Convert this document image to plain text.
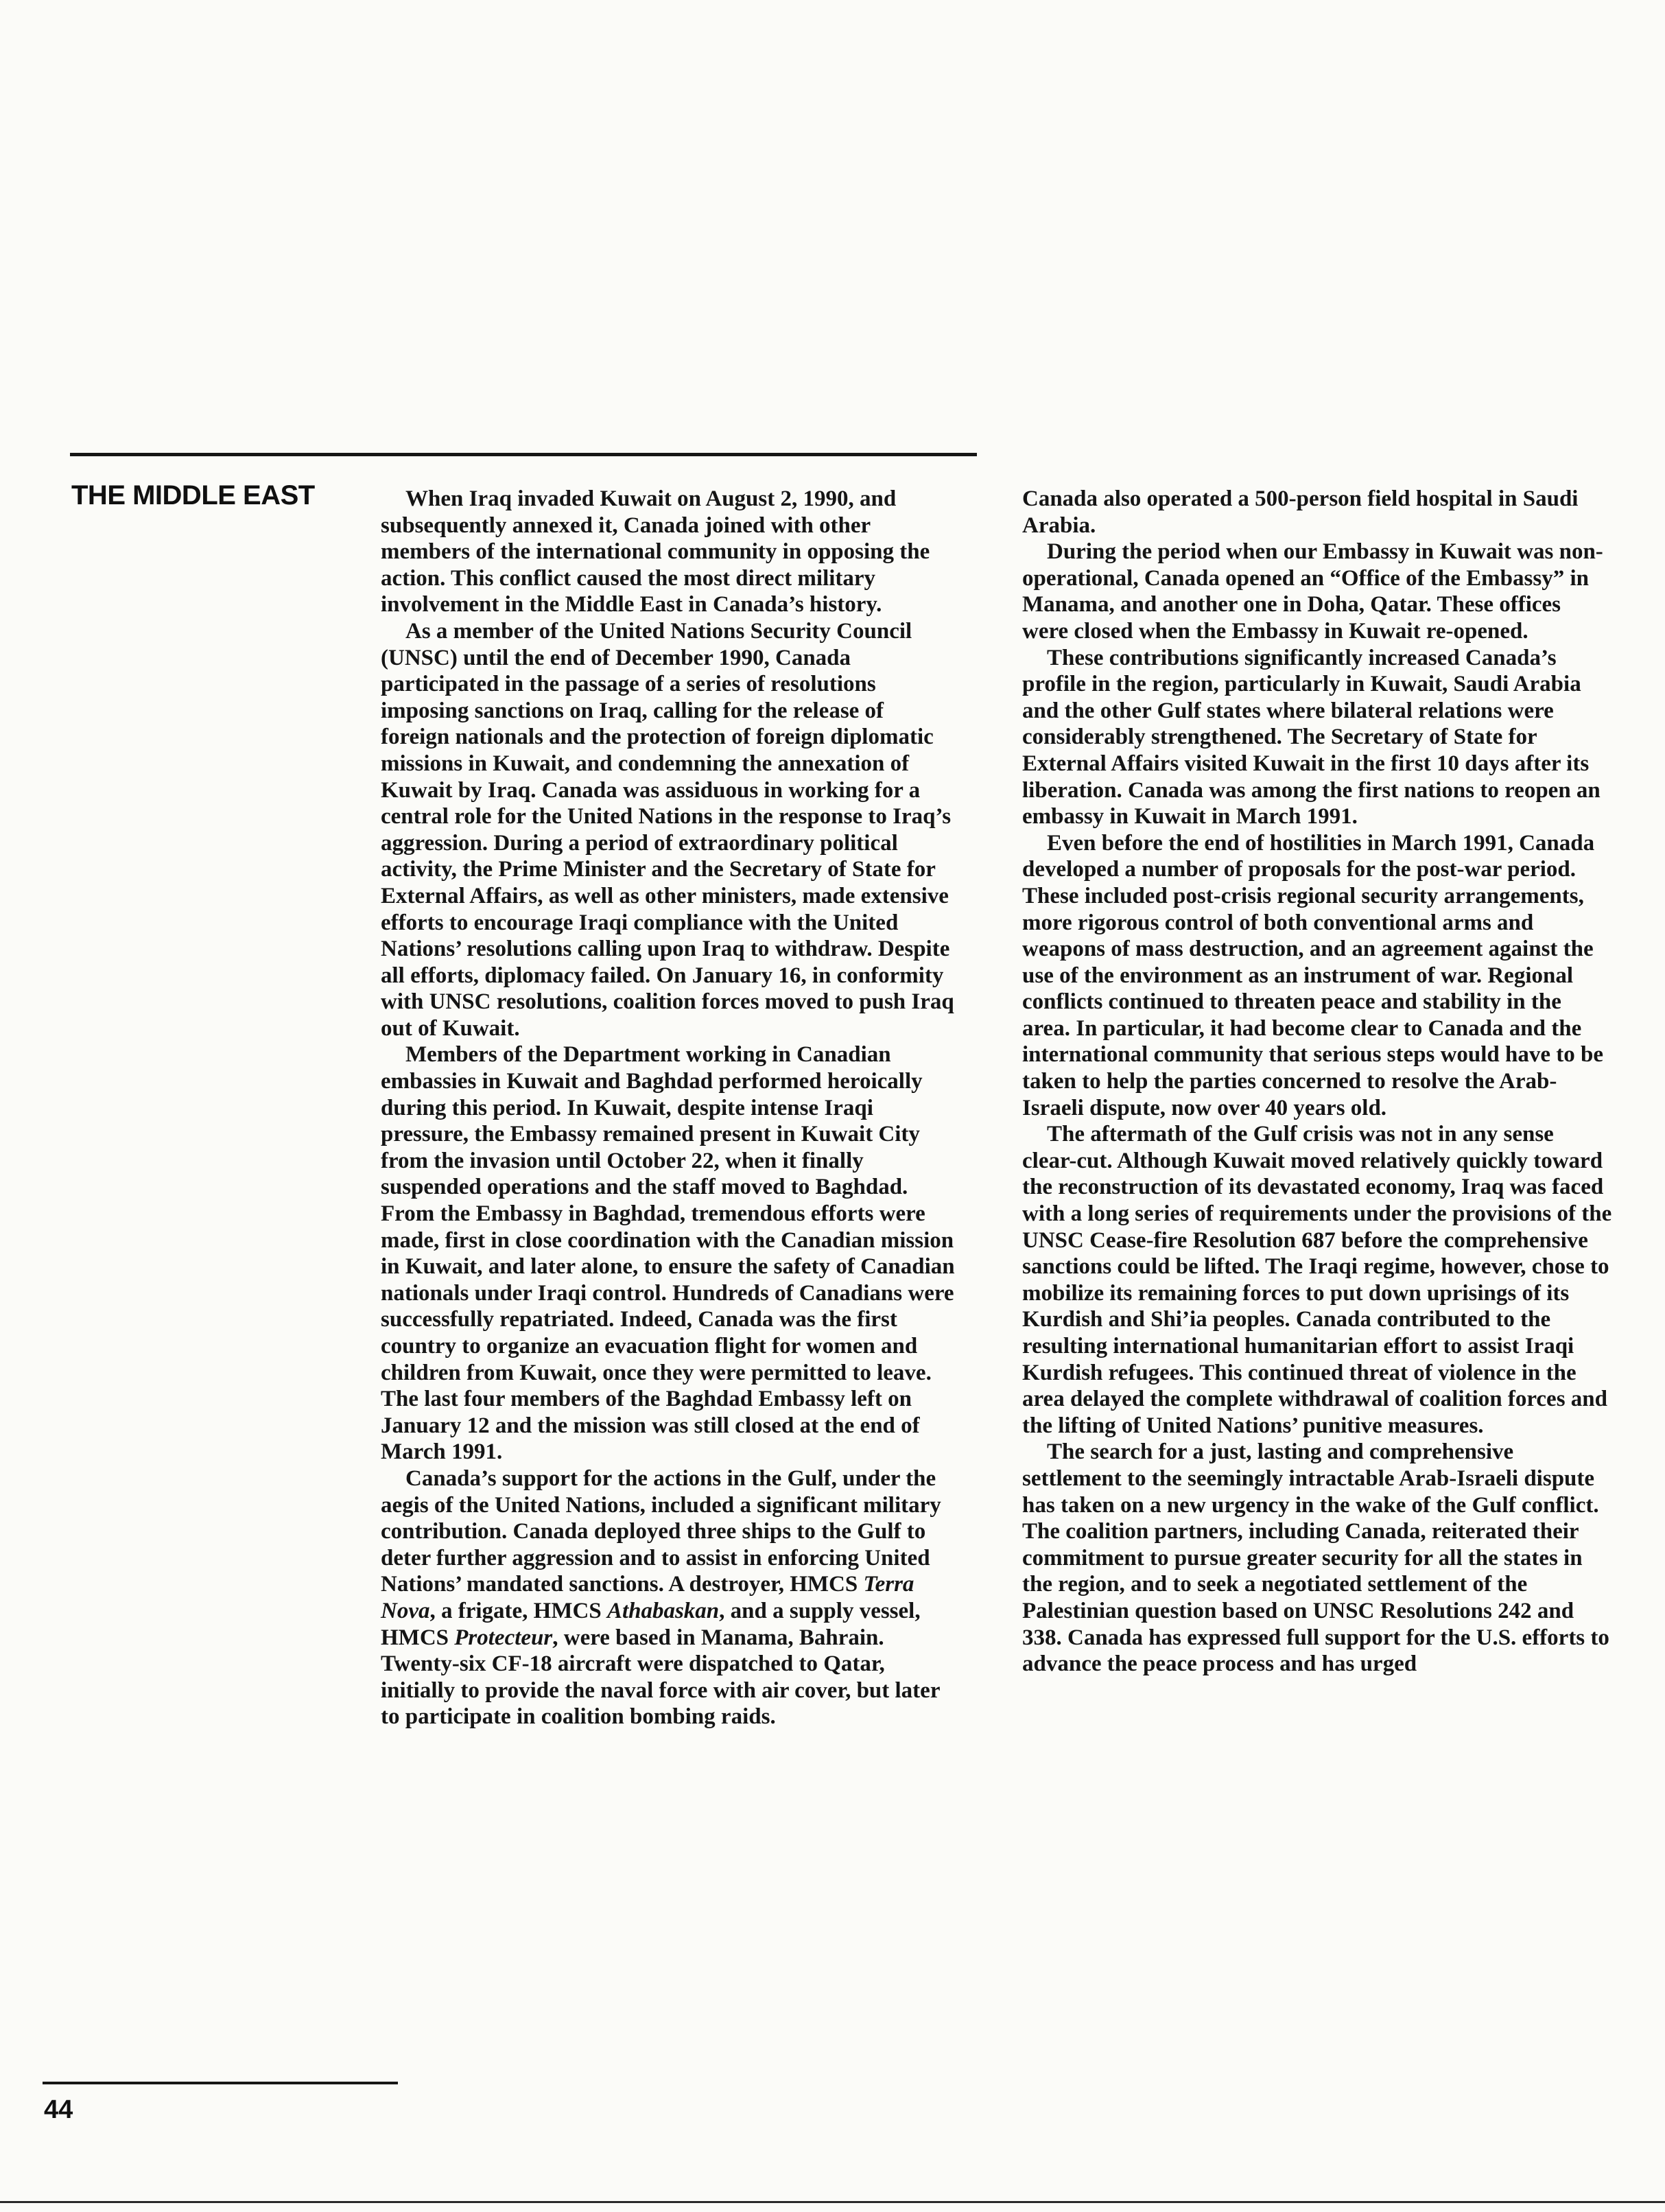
THE MIDDLE EAST	When Iraq invaded Kuwait on August 2, 1990, and subsequently annexed it, Canada joined with other members of the international community in opposing the action. This conflict caused the most direct military involvement in the Middle East in Canada’s history.

As a member of the United Nations Security Council (UNSC) until the end of December 1990, Canada participated in the passage of a series of resolutions imposing sanctions on Iraq, calling for the release of foreign nationals and the protection of foreign diplomatic missions in Kuwait, and condemning the annexation of Kuwait by Iraq. Canada was assiduous in working for a central role for the United Nations in the response to Iraq’s aggression. During a period of extraordinary political activity, the Prime Minister and the Secretary of State for External Affairs, as well as other ministers, made extensive efforts to encourage Iraqi compliance with the United Nations’ resolutions calling upon Iraq to withdraw. Despite all efforts, diplomacy failed. On January 16, in conformity with UNSC resolutions, coalition forces moved to push Iraq out of Kuwait.

Members of the Department working in Canadian embassies in Kuwait and Baghdad performed heroically during this period. In Kuwait, despite intense Iraqi pressure, the Embassy remained present in Kuwait City from the invasion until October 22, when it finally suspended operations and the staff moved to Baghdad. From the Embassy in Baghdad, tremendous efforts were made, first in close coordination with the Canadian mission in Kuwait, and later alone, to ensure the safety of Canadian nationals under Iraqi control. Hundreds of Canadians were successfully repatriated. Indeed, Canada was the first country to organize an evacuation flight for women and children from Kuwait, once they were permitted to leave. The last four members of the Baghdad Embassy left on January 12 and the mission was still closed at the end of March 1991.

Canada’s support for the actions in the Gulf, under the aegis of the United Nations, included a significant military contribution. Canada deployed three ships to the Gulf to deter further aggression and to assist in enforcing United Nations’ mandated sanctions. A destroyer, HMCS Terra Nova, a frigate, HMCS Athabaskan, and a supply vessel, HMCS Protecteur, were based in Manama, Bahrain. Twenty-six CF-18 aircraft were dispatched to Qatar, initially to provide the naval force with air cover, but later to participate in coalition bombing raids.

Canada also operated a 500-person field hospital in Saudi Arabia.

During the period when our Embassy in Kuwait was non-operational, Canada opened an “Office of the Embassy” in Manama, and another one in Doha, Qatar. These offices were closed when the Embassy in Kuwait re-opened.

These contributions significantly increased Canada’s profile in the region, particularly in Kuwait, Saudi Arabia and the other Gulf states where bilateral relations were considerably strengthened. The Secretary of State for External Affairs visited Kuwait in the first 10 days after its liberation. Canada was among the first nations to reopen an embassy in Kuwait in March 1991.

Even before the end of hostilities in March 1991, Canada developed a number of proposals for the post-war period. These included post-crisis regional security arrangements, more rigorous control of both conventional arms and weapons of mass destruction, and an agreement against the use of the environment as an instrument of war. Regional conflicts continued to threaten peace and stability in the area. In particular, it had become clear to Canada and the international community that serious steps would have to be taken to help the parties concerned to resolve the Arab-Israeli dispute, now over 40 years old.

The aftermath of the Gulf crisis was not in any sense clear-cut. Although Kuwait moved relatively quickly toward the reconstruction of its devastated economy, Iraq was faced with a long series of requirements under the provisions of the UNSC Cease-fire Resolution 687 before the comprehensive sanctions could be lifted. The Iraqi regime, however, chose to mobilize its remaining forces to put down uprisings of its Kurdish and Shi’ia peoples. Canada contributed to the resulting international humanitarian effort to assist Iraqi Kurdish refugees. This continued threat of violence in the area delayed the complete withdrawal of coalition forces and the lifting of United Nations’ punitive measures.

The search for a just, lasting and comprehensive settlement to the seemingly intractable Arab-Israeli dispute has taken on a new urgency in the wake of the Gulf conflict. The coalition partners, including Canada, reiterated their commitment to pursue greater security for all the states in the region, and to seek a negotiated settlement of the Palestinian question based on UNSC Resolutions 242 and 338. Canada has expressed full support for the U.S. efforts to advance the peace process and has urged

44
